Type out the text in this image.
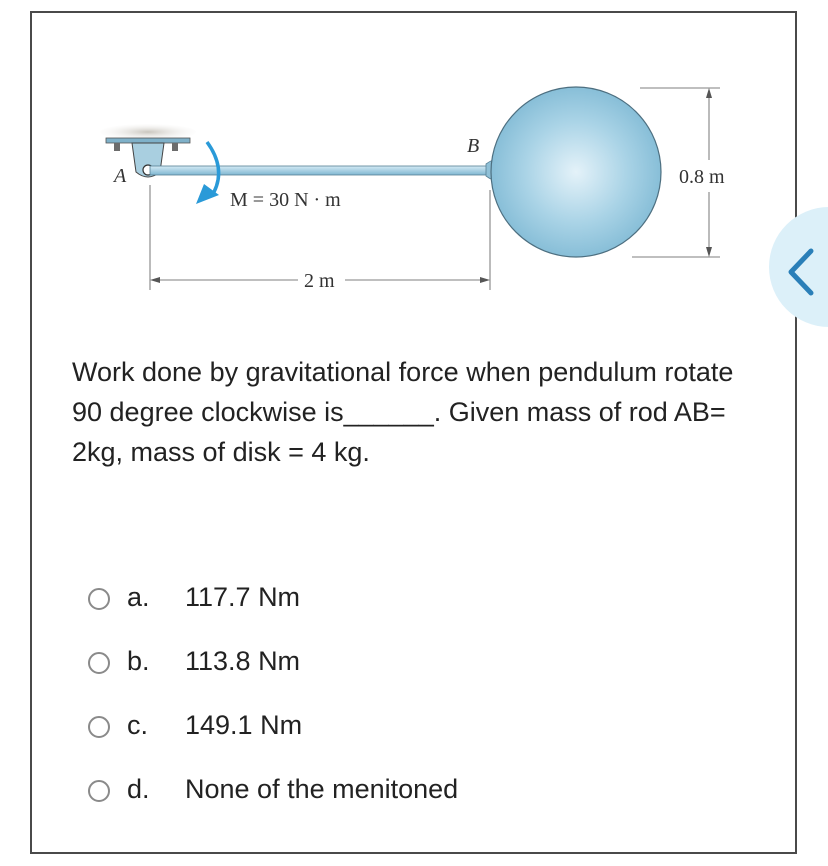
A
B
M = 30 N · m
2 m
0.8 m
Work done by gravitational force when pendulum rotate 90 degree clockwise is______. Given mass of rod AB= 2kg, mass of disk = 4 kg.
a.	117.7 Nm
b.	113.8 Nm
c.	149.1 Nm
d.	None of the menitoned
